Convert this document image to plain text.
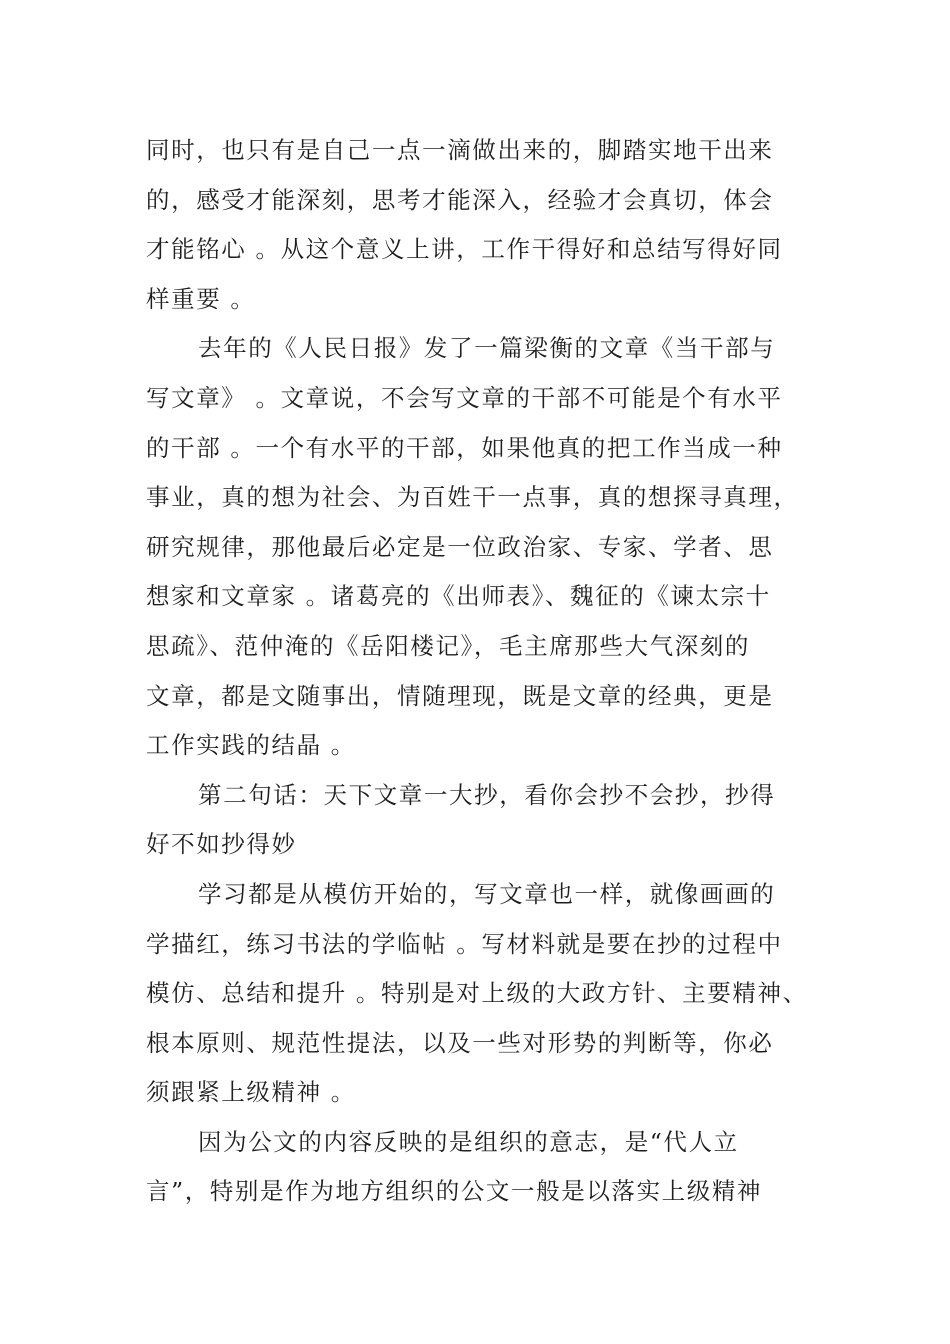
同时，也只有是自己一点一滴做出来的，脚踏实地干出来
的，感受才能深刻，思考才能深入，经验才会真切，体会
才能铭心 。从这个意义上讲，工作干得好和总结写得好同
样重要 。
去年的《人民日报》发了一篇梁衡的文章《当干部与
写文章》 。文章说，不会写文章的干部不可能是个有水平
的干部 。一个有水平的干部，如果他真的把工作当成一种
事业，真的想为社会、为百姓干一点事，真的想探寻真理，
研究规律，那他最后必定是一位政治家、专家、学者、思
想家和文章家 。诸葛亮的《出师表》、魏征的《谏太宗十
思疏》、范仲淹的《岳阳楼记》，毛主席那些大气深刻的
文章，都是文随事出，情随理现，既是文章的经典，更是
工作实践的结晶 。
第二句话：天下文章一大抄，看你会抄不会抄，抄得
好不如抄得妙
学习都是从模仿开始的，写文章也一样，就像画画的
学描红，练习书法的学临帖 。写材料就是要在抄的过程中
模仿、总结和提升 。特别是对上级的大政方针、主要精神、
根本原则、规范性提法，以及一些对形势的判断等，你必
须跟紧上级精神 。
因为公文的内容反映的是组织的意志，是“代人立
言”，特别是作为地方组织的公文一般是以落实上级精神
